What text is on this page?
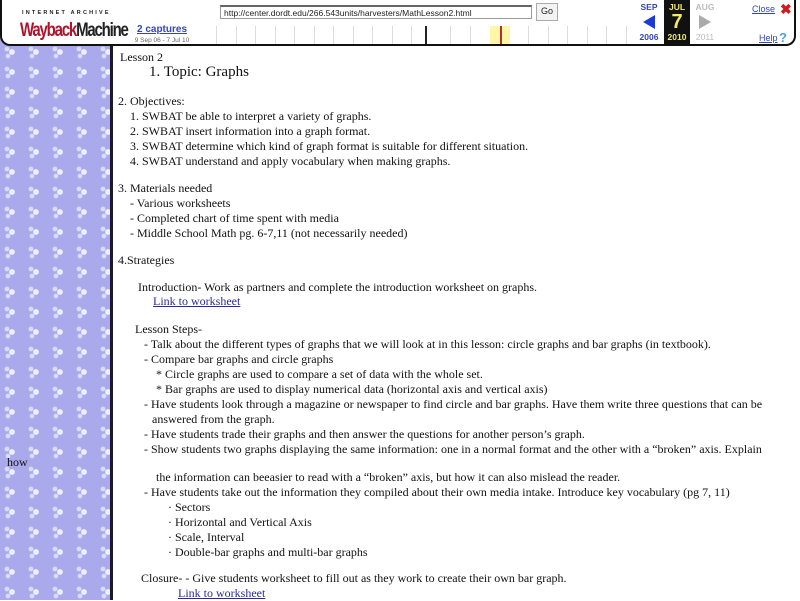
how
INTERNET ARCHIVE
WaybackMachine 2 captures
9 Sep 06 - 7 Jul 10
http://center.dordt.edu/266.543units/harvesters/MathLesson2.html	Go	SEP
2006
JUL
7
2010
AUG
2011
Close ✖
Help ?
Lesson 2
1. Topic: Graphs
2. Objectives:
1. SWBAT be able to interpret a variety of graphs.
2. SWBAT insert information into a graph format.
3. SWBAT determine which kind of graph format is suitable for different situation.
4. SWBAT understand and apply vocabulary when making graphs.
3. Materials needed
- Various worksheets
- Completed chart of time spent with media
- Middle School Math pg. 6-7,11 (not necessarily needed)
4.Strategies
Introduction- Work as partners and complete the introduction worksheet on graphs.
Link to worksheet
Lesson Steps-
- Talk about the different types of graphs that we will look at in this lesson: circle graphs and bar graphs (in textbook).
- Compare bar graphs and circle graphs
* Circle graphs are used to compare a set of data with the whole set.
* Bar graphs are used to display numerical data (horizontal axis and vertical axis)
- Have students look through a magazine or newspaper to find circle and bar graphs. Have them write three questions that can be
answered from the graph.
- Have students trade their graphs and then answer the questions for another person’s graph.
- Show students two graphs displaying the same information: one in a normal format and the other with a “broken” axis. Explain
the information can beeasier to read with a “broken” axis, but how it can also mislead the reader.
- Have students take out the information they compiled about their own media intake. Introduce key vocabulary (pg 7, 11)
· Sectors
· Horizontal and Vertical Axis
· Scale, Interval
· Double-bar graphs and multi-bar graphs
Closure- - Give students worksheet to fill out as they work to create their own bar graph.
Link to worksheet
